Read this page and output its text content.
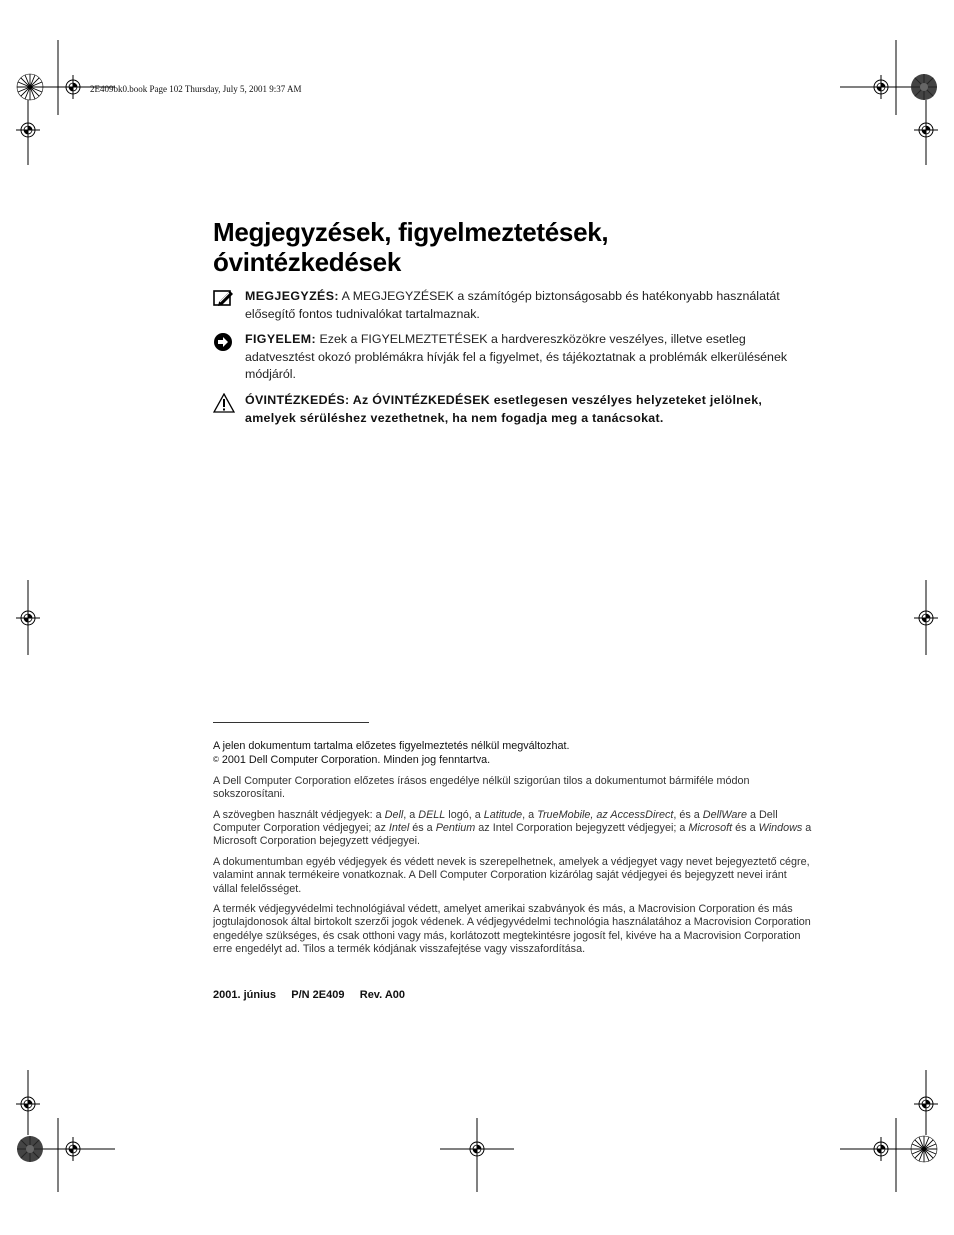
2E409bk0.book Page 102 Thursday, July 5, 2001 9:37 AM
Megjegyzések, figyelmeztetések,
óvintézkedések
MEGJEGYZÉS: A MEGJEGYZÉSEK a számítógép biztonságosabb és hatékonyabb használatát elősegítő fontos tudnivalókat tartalmaznak.
FIGYELEM: Ezek a FIGYELMEZTETÉSEK a hardvereszközökre veszélyes, illetve esetleg adatvesztést okozó problémákra hívják fel a figyelmet, és tájékoztatnak a problémák elkerülésének módjáról.
ÓVINTÉZKEDÉS: Az ÓVINTÉZKEDÉSEK esetlegesen veszélyes helyzeteket jelölnek, amelyek sérüléshez vezethetnek, ha nem fogadja meg a tanácsokat.

A jelen dokumentum tartalma előzetes figyelmeztetés nélkül megváltozhat.
© 2001 Dell Computer Corporation. Minden jog fenntartva.

A Dell Computer Corporation előzetes írásos engedélye nélkül szigorúan tilos a dokumentumot bármiféle módon sokszorosítani.

A szövegben használt védjegyek: a Dell, a DELL logó, a Latitude, a TrueMobile, az AccessDirect, és a DellWare a Dell Computer Corporation védjegyei; az Intel és a Pentium az Intel Corporation bejegyzett védjegyei; a Microsoft és a Windows a Microsoft Corporation bejegyzett védjegyei.

A dokumentumban egyéb védjegyek és védett nevek is szerepelhetnek, amelyek a védjegyet vagy nevet bejegyeztető cégre, valamint annak termékeire vonatkoznak. A Dell Computer Corporation kizárólag saját védjegyei és bejegyzett nevei iránt vállal felelősséget.

A termék védjegyvédelmi technológiával védett, amelyet amerikai szabványok és más, a Macrovision Corporation és más jogtulajdonosok által birtokolt szerzői jogok védenek. A védjegyvédelmi technológia használatához a Macrovision Corporation engedélye szükséges, és csak otthoni vagy más, korlátozott megtekintésre jogosít fel, kivéve ha a Macrovision Corporation erre engedélyt ad. Tilos a termék kódjának visszafejtése vagy visszafordítása.

2001. június P/N 2E409 Rev. A00
